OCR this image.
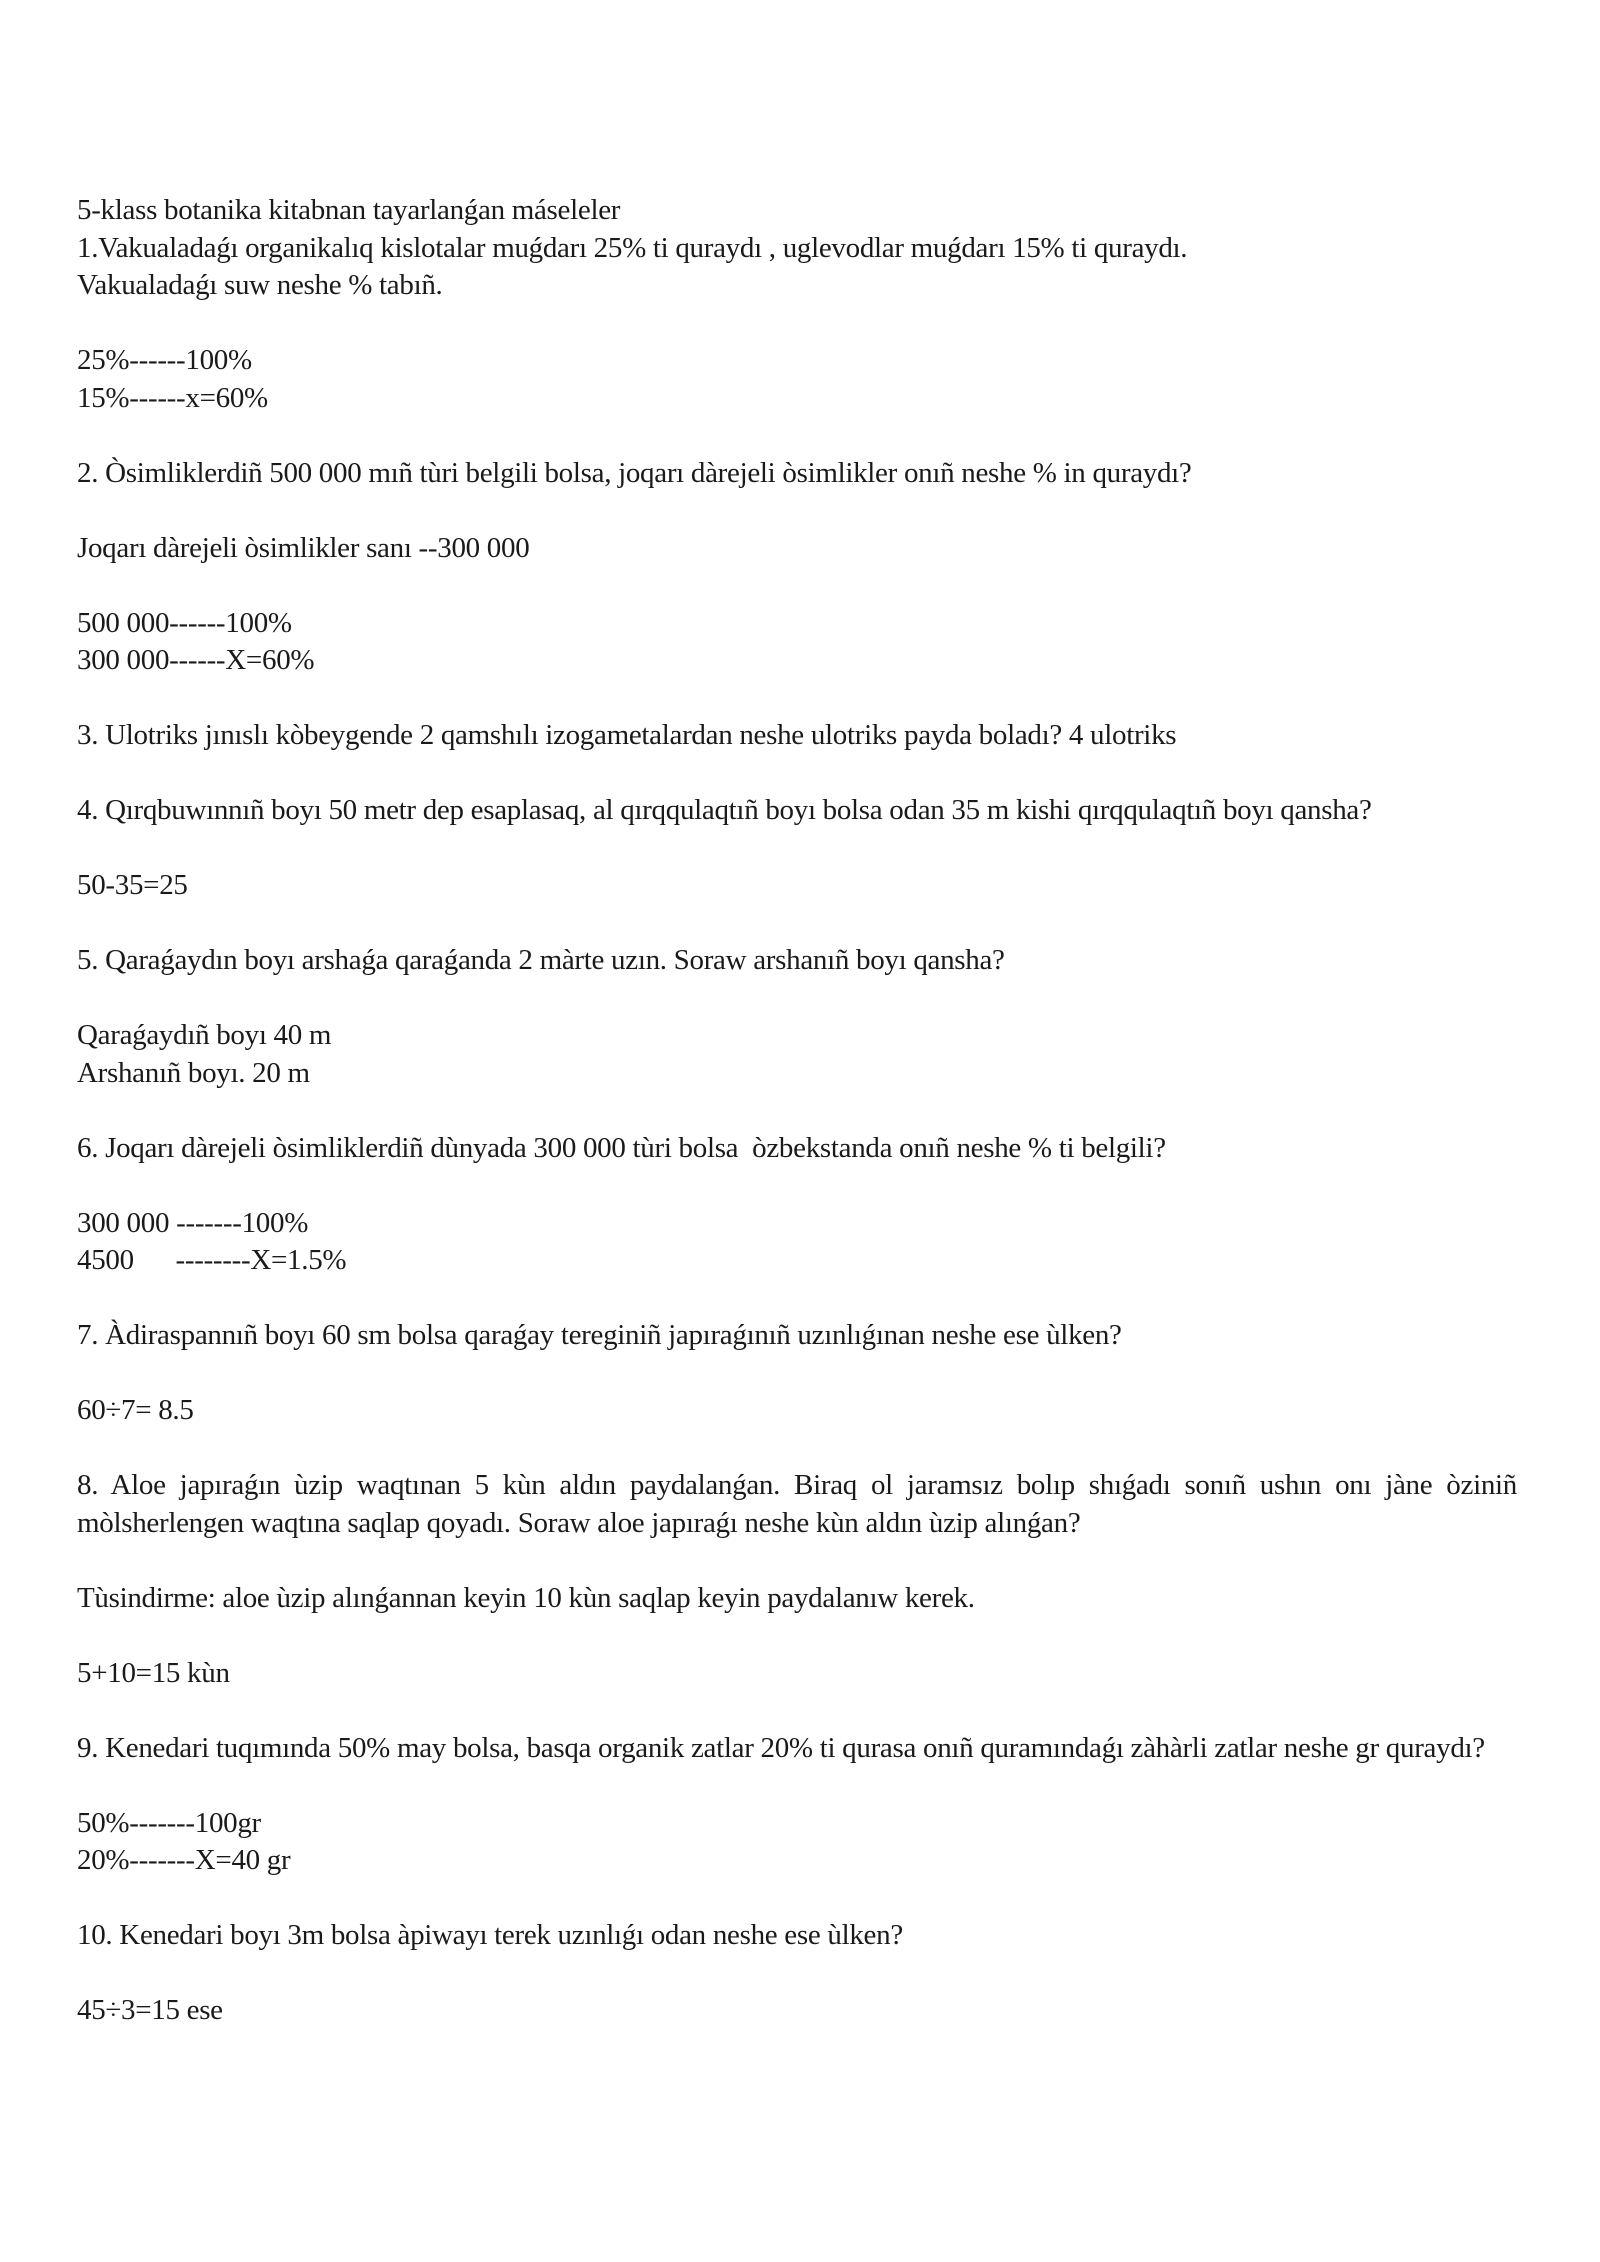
5-klass botanika kitabnan tayarlanǵan máseleler
1.Vakualadaǵı organikalıq kislotalar muǵdarı 25% ti quraydı , uglevodlar muǵdarı 15% ti quraydı.
Vakualadaǵı suw neshe % tabıñ.
25%------100%
15%------x=60%
2. Òsimliklerdiñ 500 000 mıñ tùri belgili bolsa, joqarı dàrejeli òsimlikler onıñ neshe % in quraydı?
Joqarı dàrejeli òsimlikler sanı --300 000
500 000------100%
300 000------X=60%
3. Ulotriks jınıslı kòbeygende 2 qamshılı izogametalardan neshe ulotriks payda boladı? 4 ulotriks
4. Qırqbuwınnıñ boyı 50 metr dep esaplasaq, al qırqqulaqtıñ boyı bolsa odan 35 m kishi qırqqulaqtıñ boyı qansha?
50-35=25
5. Qaraǵaydın boyı arshaǵa qaraǵanda 2 màrte uzın. Soraw arshanıñ boyı qansha?
Qaraǵaydıñ boyı 40 m
Arshanıñ boyı. 20 m
6. Joqarı dàrejeli òsimliklerdiñ dùnyada 300 000 tùri bolsa  òzbekstanda onıñ neshe % ti belgili?
300 000 -------100%
4500      --------X=1.5%
7. Àdiraspannıñ boyı 60 sm bolsa qaraǵay tereginiñ japıraǵınıñ uzınlıǵınan neshe ese ùlken?
60÷7= 8.5
8. Aloe japıraǵın ùzip waqtınan 5 kùn aldın paydalanǵan. Biraq ol jaramsız bolıp shıǵadı sonıñ ushın onı jàne òziniñ mòlsherlengen waqtına saqlap qoyadı. Soraw aloe japıraǵı neshe kùn aldın ùzip alınǵan?
Tùsindirme: aloe ùzip alınǵannan keyin 10 kùn saqlap keyin paydalanıw kerek.
5+10=15 kùn
9. Kenedari tuqımında 50% may bolsa, basqa organik zatlar 20% ti qurasa onıñ quramındaǵı zàhàrli zatlar neshe gr quraydı?
50%-------100gr
20%-------X=40 gr
10. Kenedari boyı 3m bolsa àpiwayı terek uzınlıǵı odan neshe ese ùlken?
45÷3=15 ese
